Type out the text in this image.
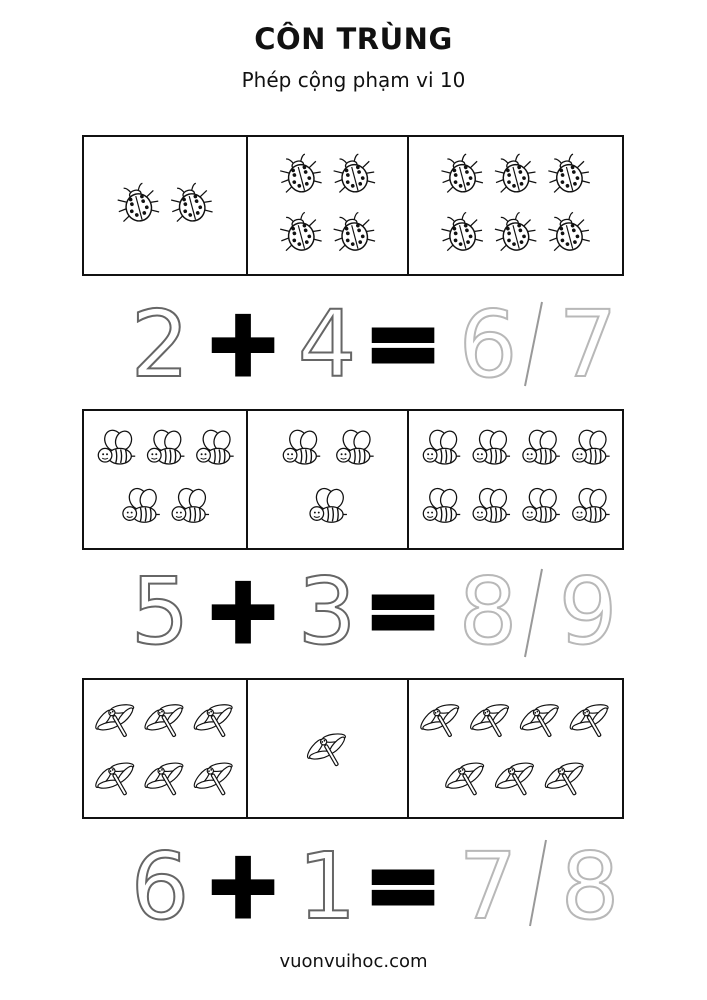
CÔN TRÙNG
Phép cộng phạm vi 10
2 + 4 = 6 7
5 + 3 = 8 9
6 + 1 = 7 8
vuonvuihoc.com
